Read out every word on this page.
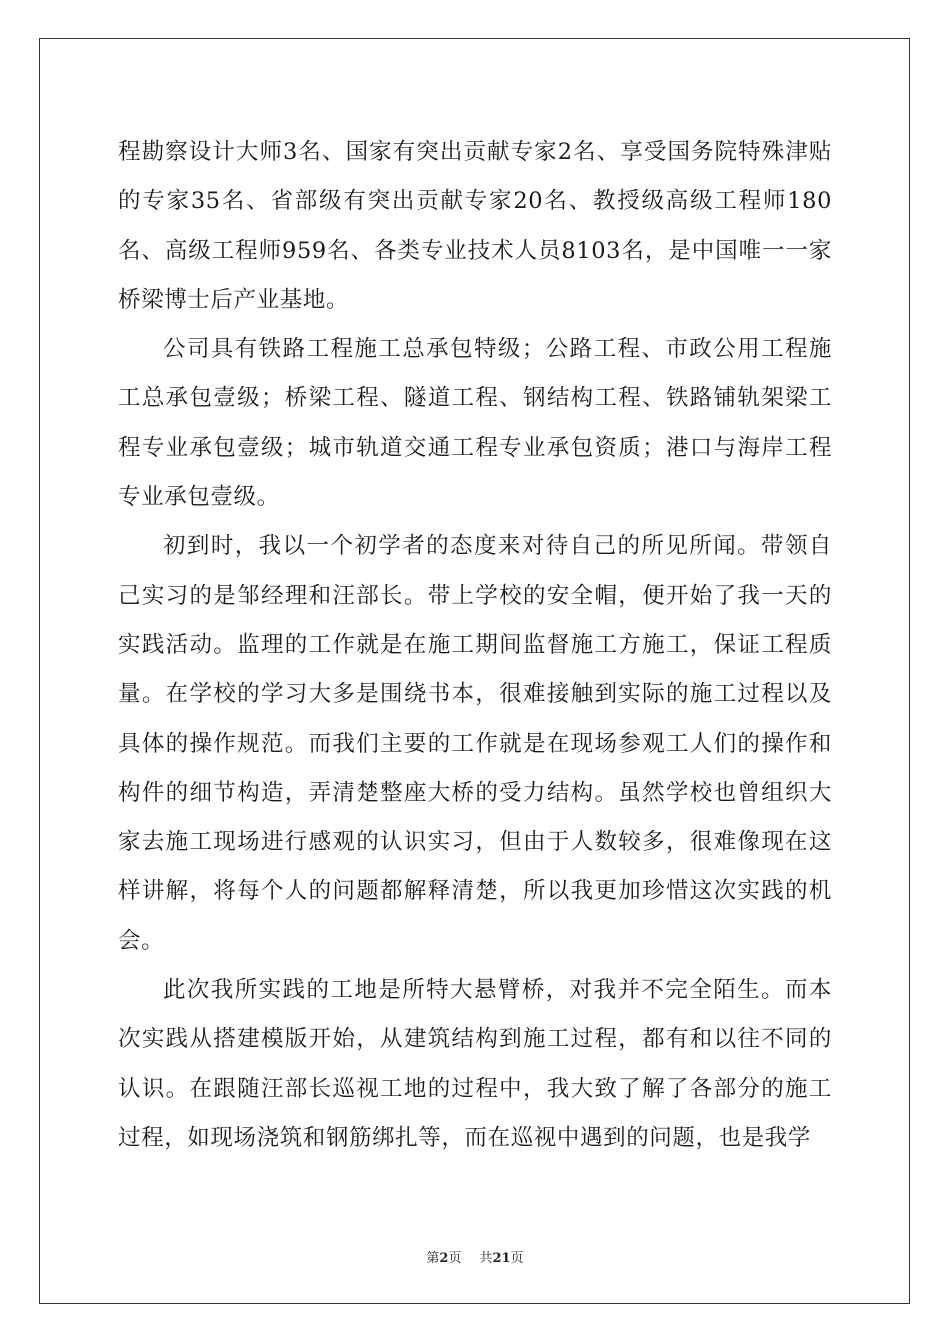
程勘察设计大师3名、国家有突出贡献专家2名、享受国务院特殊津贴的专家35名、省部级有突出贡献专家20名、教授级高级工程师180名、高级工程师959名、各类专业技术人员8103名，是中国唯一一家桥梁博士后产业基地。

公司具有铁路工程施工总承包特级；公路工程、市政公用工程施工总承包壹级；桥梁工程、隧道工程、钢结构工程、铁路铺轨架梁工程专业承包壹级；城市轨道交通工程专业承包资质；港口与海岸工程专业承包壹级。

初到时，我以一个初学者的态度来对待自己的所见所闻。带领自己实习的是邹经理和汪部长。带上学校的安全帽，便开始了我一天的实践活动。监理的工作就是在施工期间监督施工方施工，保证工程质量。在学校的学习大多是围绕书本，很难接触到实际的施工过程以及具体的操作规范。而我们主要的工作就是在现场参观工人们的操作和构件的细节构造，弄清楚整座大桥的受力结构。虽然学校也曾组织大家去施工现场进行感观的认识实习，但由于人数较多，很难像现在这样讲解，将每个人的问题都解释清楚，所以我更加珍惜这次实践的机会。

此次我所实践的工地是所特大悬臂桥，对我并不完全陌生。而本次实践从搭建模版开始，从建筑结构到施工过程，都有和以往不同的认识。在跟随汪部长巡视工地的过程中，我大致了解了各部分的施工过程，如现场浇筑和钢筋绑扎等，而在巡视中遇到的问题，也是我学

第2页 共21页
